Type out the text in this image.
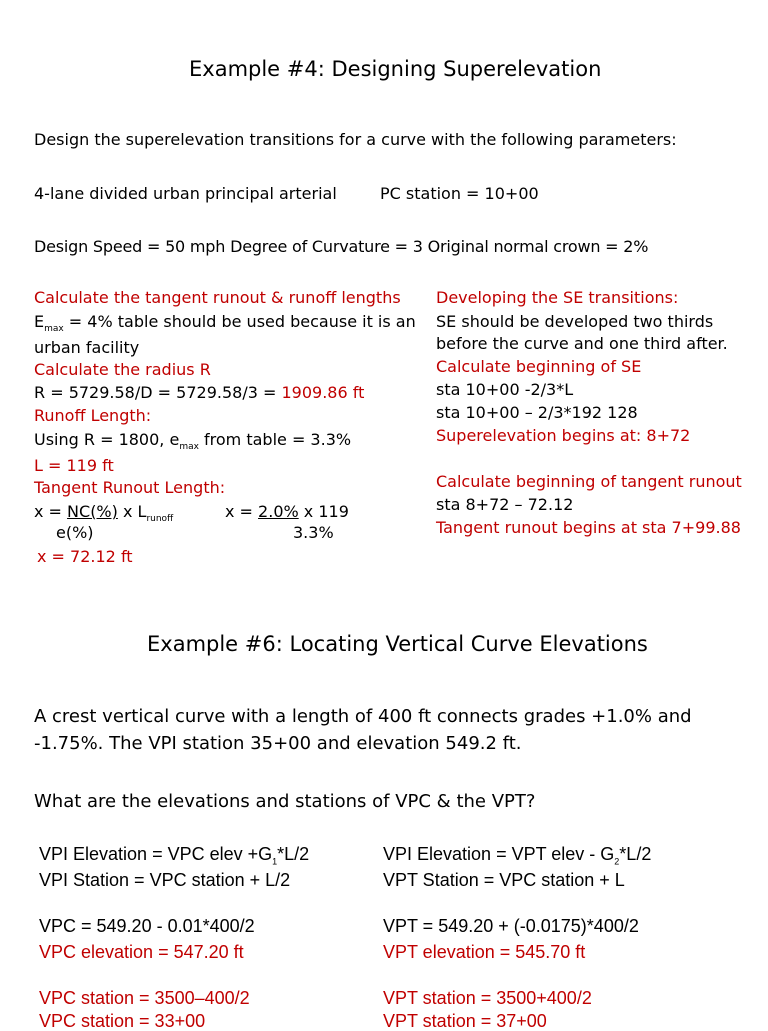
Example #4: Designing Superelevation
Design the superelevation transitions for a curve with the following parameters:
4-lane divided urban principal arterial	PC station = 10+00
Design Speed = 50 mph Degree of Curvature = 3 Original normal crown = 2%
Calculate the tangent runout & runoff lengths
$E_{max} = 4\%$ table should be used because it is an
urban facility
Calculate the radius R
R = 5729.58/D = 5729.58/3 = 1909.86 ft
Runoff Length:
Using R = 1800, $e_{max}$ from table = 3.3%
L = 119 ft
Tangent Runout Length:
x = NC(%) x $L_{runoff}$	x = 2.0% x 119
e(%)	3.3%
x = 72.12 ft
Developing the SE transitions:
SE should be developed two thirds
before the curve and one third after.
Calculate beginning of SE
sta 10+00 -2/3*L
sta 10+00 – 2/3*192 128
Superelevation begins at: 8+72
Calculate beginning of tangent runout
sta 8+72 – 72.12
Tangent runout begins at sta 7+99.88
Example #6: Locating Vertical Curve Elevations
A crest vertical curve with a length of 400 ft connects grades +1.0% and
-1.75%. The VPI station 35+00 and elevation 549.2 ft.
What are the elevations and stations of VPC & the VPT?
VPI Elevation = VPC elev $+G_1*L/2$
VPI Station = VPC station + L/2
VPC = 549.20 - 0.01*400/2
VPC elevation = 547.20 ft
VPC station = 3500–400/2
VPC station = 33+00
VPI Elevation = VPT elev - $G_2*L/2$
VPT Station = VPC station + L
VPT = 549.20 + (-0.0175)*400/2
VPT elevation = 545.70 ft
VPT station = 3500+400/2
VPT station = 37+00
